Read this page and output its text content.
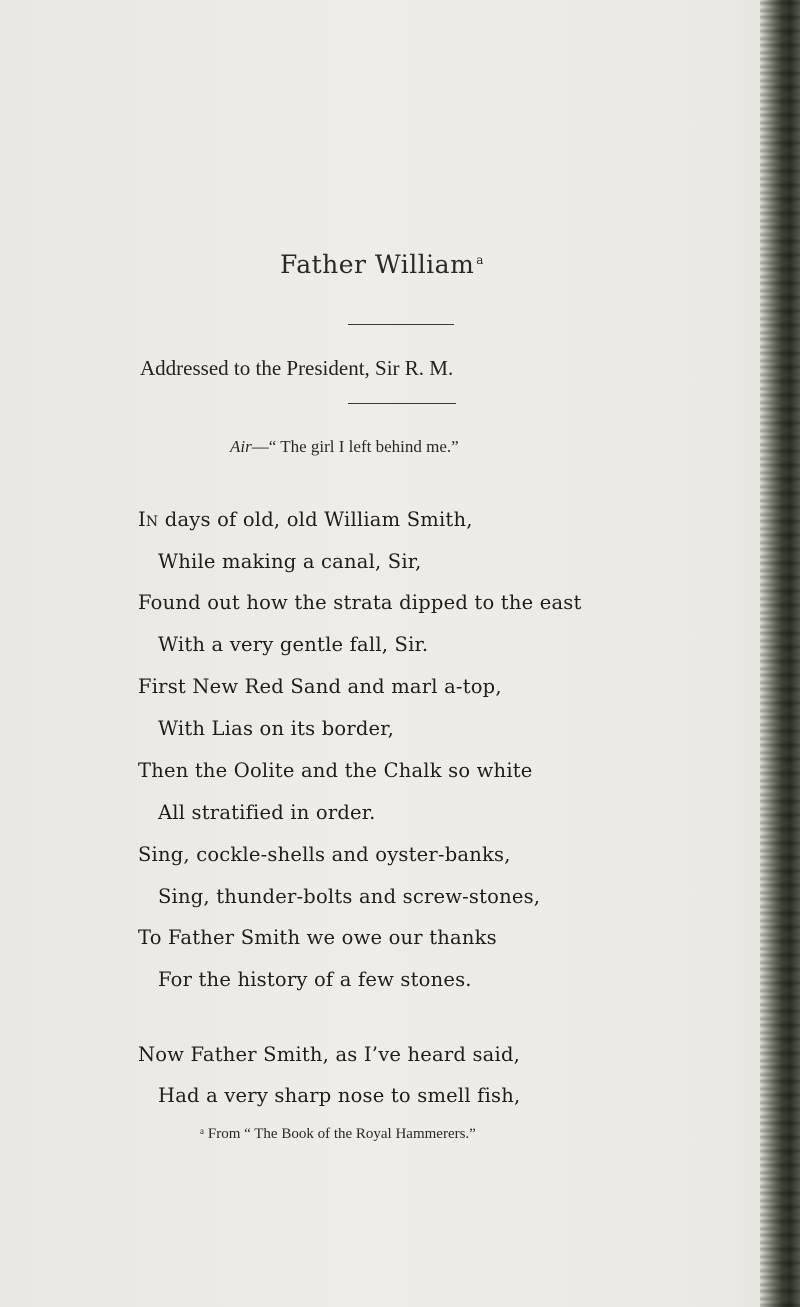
Father William $^a$
Addressed to the President, Sir R. M.
Air—“ The girl I left behind me.”
In days of old, old William Smith,
While making a canal, Sir,
Found out how the strata dipped to the east
With a very gentle fall, Sir.
First New Red Sand and marl a-top,
With Lias on its border,
Then the Oolite and the Chalk so white
All stratified in order.
Sing, cockle-shells and oyster-banks,
Sing, thunder-bolts and screw-stones,
To Father Smith we owe our thanks
For the history of a few stones.
Now Father Smith, as I’ve heard said,
Had a very sharp nose to smell fish,
ᵃ From “ The Book of the Royal Hammerers.”
